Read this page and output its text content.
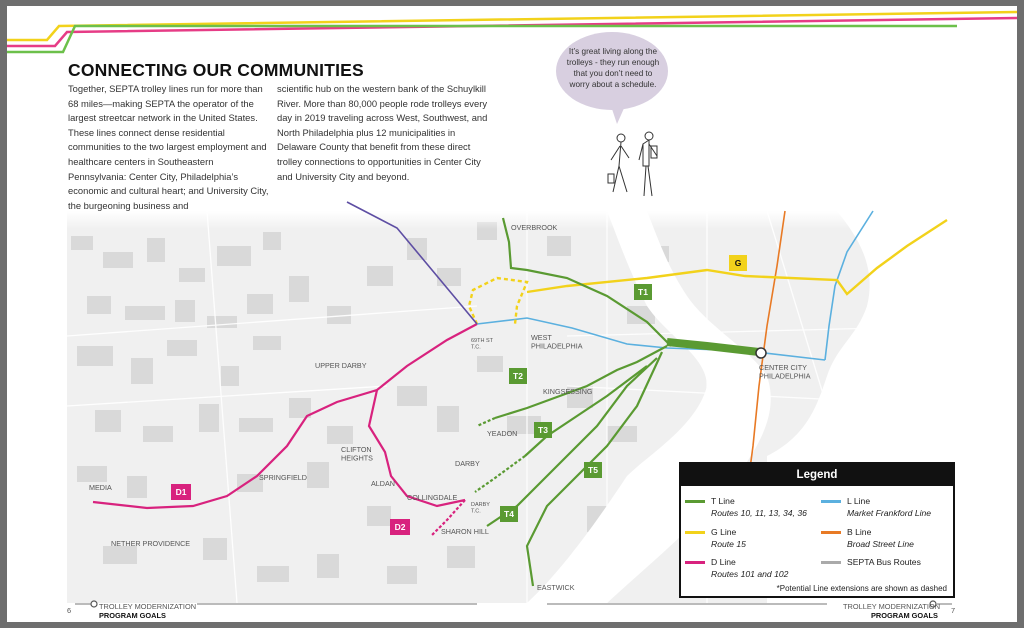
CONNECTING OUR COMMUNITIES
Together, SEPTA trolley lines run for more than 68 miles—making SEPTA the operator of the largest streetcar network in the United States. These lines connect dense residential communities to the two largest employment and healthcare centers in Southeastern Pennsylvania: Center City, Philadelphia’s economic and cultural heart; and University City, the burgeoning business and
scientific hub on the western bank of the Schuylkill River. More than 80,000 people rode trolleys every day in 2019 traveling across West, Southwest, and North Philadelphia plus 12 municipalities in Delaware County that benefit from these direct trolley connections to opportunities in Center City and University City and beyond.
It’s great living along the trolleys - they run enough that you don’t need to worry about a schedule.
OVERBROOK
WEST PHILADELPHIA
69TH ST T.C.
UPPER DARBY
KINGSESSING
YEADON
CLIFTON HEIGHTS
SPRINGFIELD
ALDAN
DARBY
COLLINGDALE
DARBY T.C.
SHARON HILL
MEDIA
NETHER PROVIDENCE
CENTER CITY PHILADELPHIA
EASTWICK
T1
T2
T3
T4
T5
D1
D2
G
Legend
T Line
Routes 10, 11, 13, 34, 36
G Line
Route 15
D Line
Routes 101 and 102
L Line
Market Frankford Line
B Line
Broad Street Line
SEPTA Bus Routes
*Potential Line extensions are shown as dashed
6	TROLLEY MODERNIZATION
PROGRAM GOALS
TROLLEY MODERNIZATION
PROGRAM GOALS
7
